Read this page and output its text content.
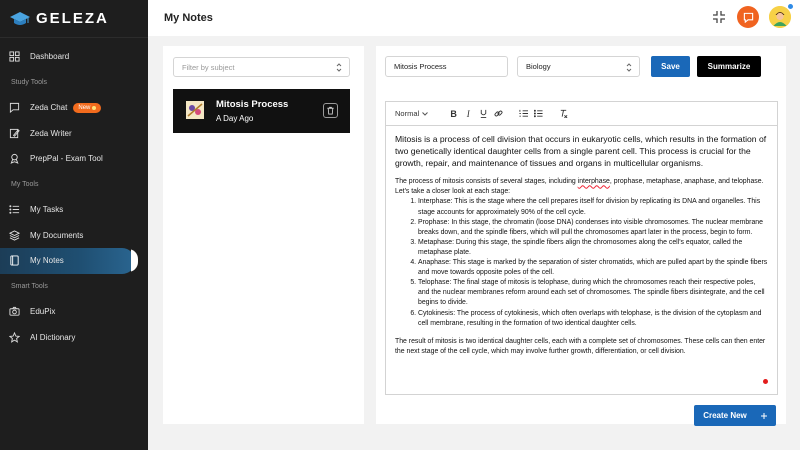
GELEZA
Dashboard
Study Tools
Zeda Chat New
Zeda Writer
PrepPal - Exam Tool
My Tools
My Tasks
My Documents
My Notes
Smart Tools
EduPix
AI Dictionary
My Notes
Filter by subject
Mitosis Process
A Day Ago
Mitosis Process	Biology	Save	Summarize
Normal	B I

Mitosis is a process of cell division that occurs in eukaryotic cells, which results in the formation of two genetically identical daughter cells from a single parent cell. This process is crucial for the growth, repair, and maintenance of tissues and organs in multicellular organisms.

The process of mitosis consists of several stages, including interphase, prophase, metaphase, anaphase, and telophase. Let's take a closer look at each stage:

1. Interphase: This is the stage where the cell prepares itself for division by replicating its DNA and organelles. This stage accounts for approximately 90% of the cell cycle.
2. Prophase: In this stage, the chromatin (loose DNA) condenses into visible chromosomes. The nuclear membrane breaks down, and the spindle fibers, which will pull the chromosomes apart later in the process, begin to form.
3. Metaphase: During this stage, the spindle fibers align the chromosomes along the cell's equator, called the metaphase plate.
4. Anaphase: This stage is marked by the separation of sister chromatids, which are pulled apart by the spindle fibers and move towards opposite poles of the cell.
5. Telophase: The final stage of mitosis is telophase, during which the chromosomes reach their respective poles, and the nuclear membranes reform around each set of chromosomes. The spindle fibers disintegrate, and the cell begins to divide.
6. Cytokinesis: The process of cytokinesis, which often overlaps with telophase, is the division of the cytoplasm and cell membrane, resulting in the formation of two identical daughter cells.

The result of mitosis is two identical daughter cells, each with a complete set of chromosomes. These cells can then enter the next stage of the cell cycle, which may involve further growth, differentiation, or cell division.

Create New
